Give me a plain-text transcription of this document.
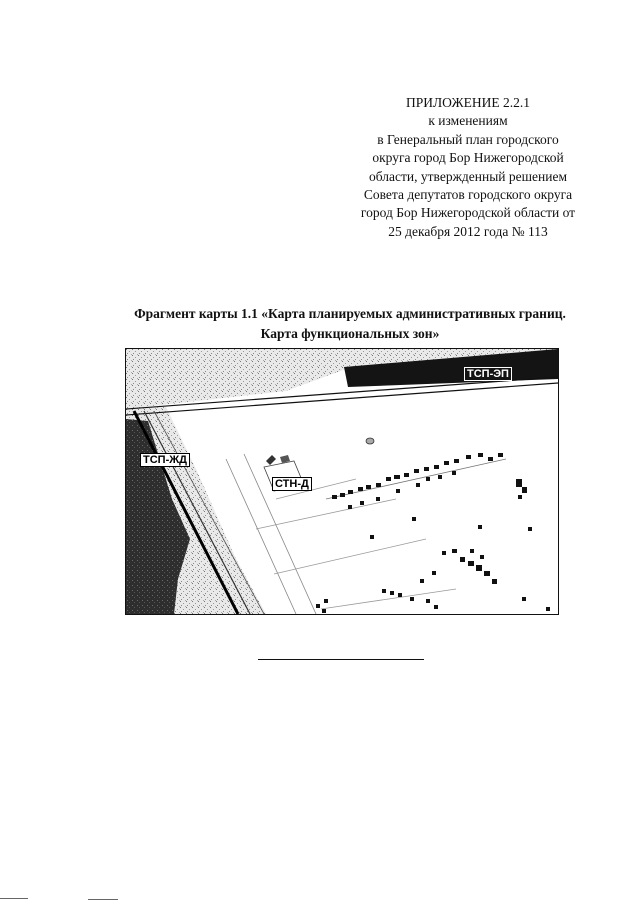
ПРИЛОЖЕНИЕ 2.2.1
к изменениям
в Генеральный план городского
округа город Бор Нижегородской
области, утвержденный решением
Совета депутатов городского округа
город Бор Нижегородской области от
25 декабря 2012 года № 113
Фрагмент карты 1.1 «Карта планируемых административных границ.
Карта функциональных зон»
ТСП-ЭП
ТСП-ЖД
СТН-Д
